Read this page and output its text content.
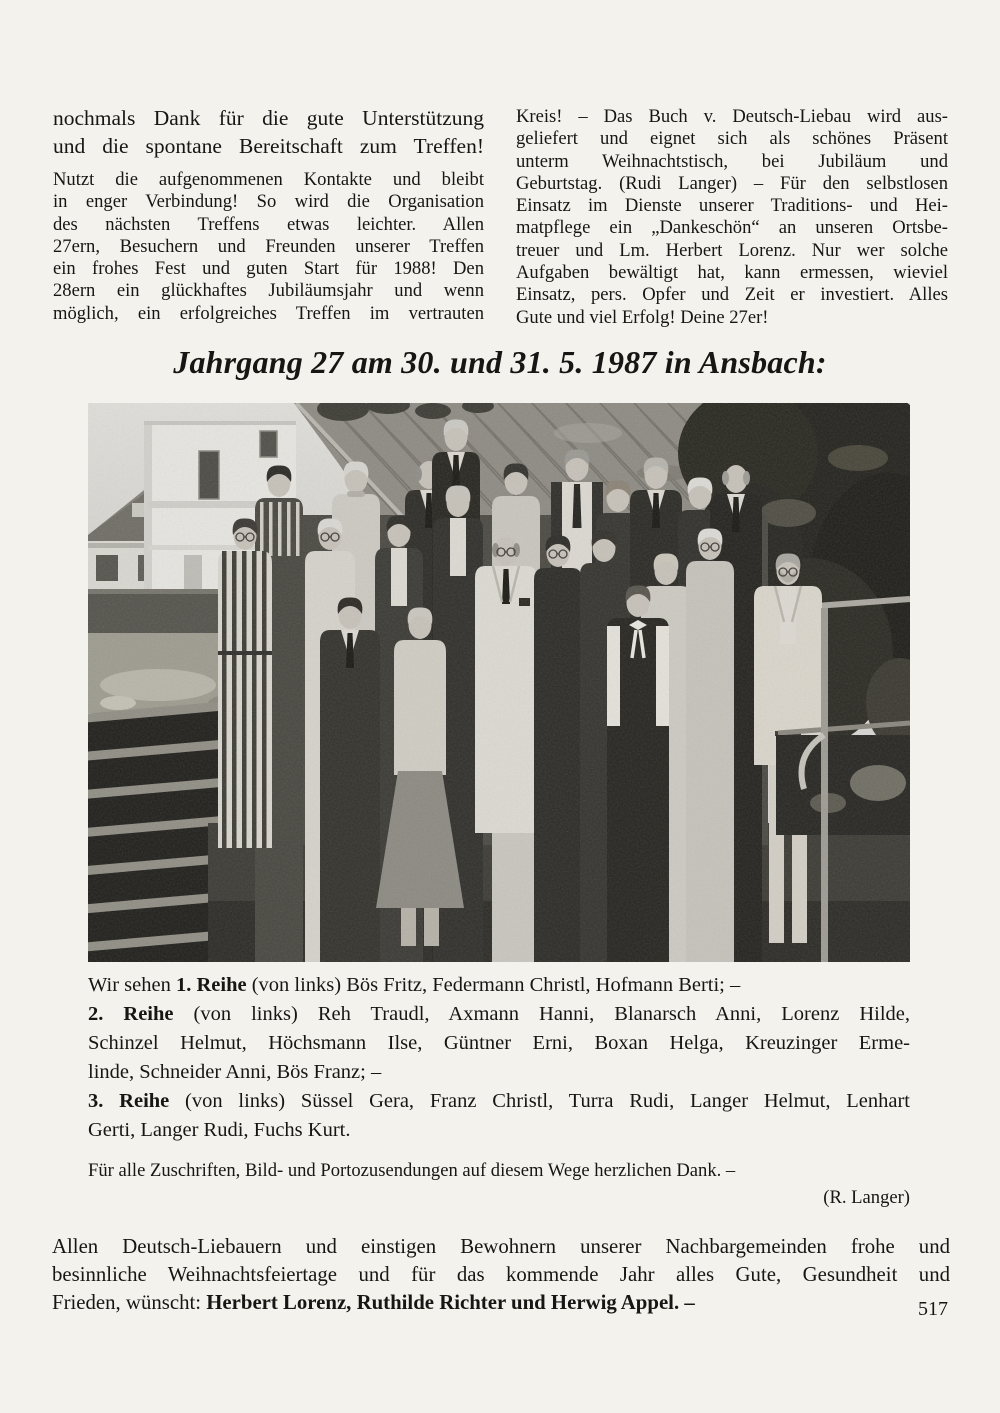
nochmals Dank für die gute Unterstützung
und die spontane Bereitschaft zum Treffen!
Nutzt die aufgenommenen Kontakte und bleibt
in enger Verbindung! So wird die Organisation
des nächsten Treffens etwas leichter. Allen
27ern, Besuchern und Freunden unserer Treffen
ein frohes Fest und guten Start für 1988! Den
28ern ein glückhaftes Jubiläumsjahr und wenn
möglich, ein erfolgreiches Treffen im vertrauten
Kreis! – Das Buch v. Deutsch-Liebau wird aus-
geliefert und eignet sich als schönes Präsent
unterm Weihnachtstisch, bei Jubiläum und
Geburtstag. (Rudi Langer) – Für den selbstlosen
Einsatz im Dienste unserer Traditions- und Hei-
matpflege ein „Dankeschön“ an unseren Ortsbe-
treuer und Lm. Herbert Lorenz. Nur wer solche
Aufgaben bewältigt hat, kann ermessen, wieviel
Einsatz, pers. Opfer und Zeit er investiert. Alles
Gute und viel Erfolg! Deine 27er!
Jahrgang 27 am 30. und 31. 5. 1987 in Ansbach:
Wir sehen 1. Reihe (von links) Bös Fritz, Federmann Christl, Hofmann Berti; –
2. Reihe (von links) Reh Traudl, Axmann Hanni, Blanarsch Anni, Lorenz Hilde,
Schinzel Helmut, Höchsmann Ilse, Güntner Erni, Boxan Helga, Kreuzinger Erme-
linde, Schneider Anni, Bös Franz; –
3. Reihe (von links) Süssel Gera, Franz Christl, Turra Rudi, Langer Helmut, Lenhart
Gerti, Langer Rudi, Fuchs Kurt.
Für alle Zuschriften, Bild- und Portozusendungen auf diesem Wege herzlichen Dank. –
(R. Langer)
Allen Deutsch-Liebauern und einstigen Bewohnern unserer Nachbargemeinden frohe und
besinnliche Weihnachtsfeiertage und für das kommende Jahr alles Gute, Gesundheit und
Frieden, wünscht: Herbert Lorenz, Ruthilde Richter und Herwig Appel. –	517
